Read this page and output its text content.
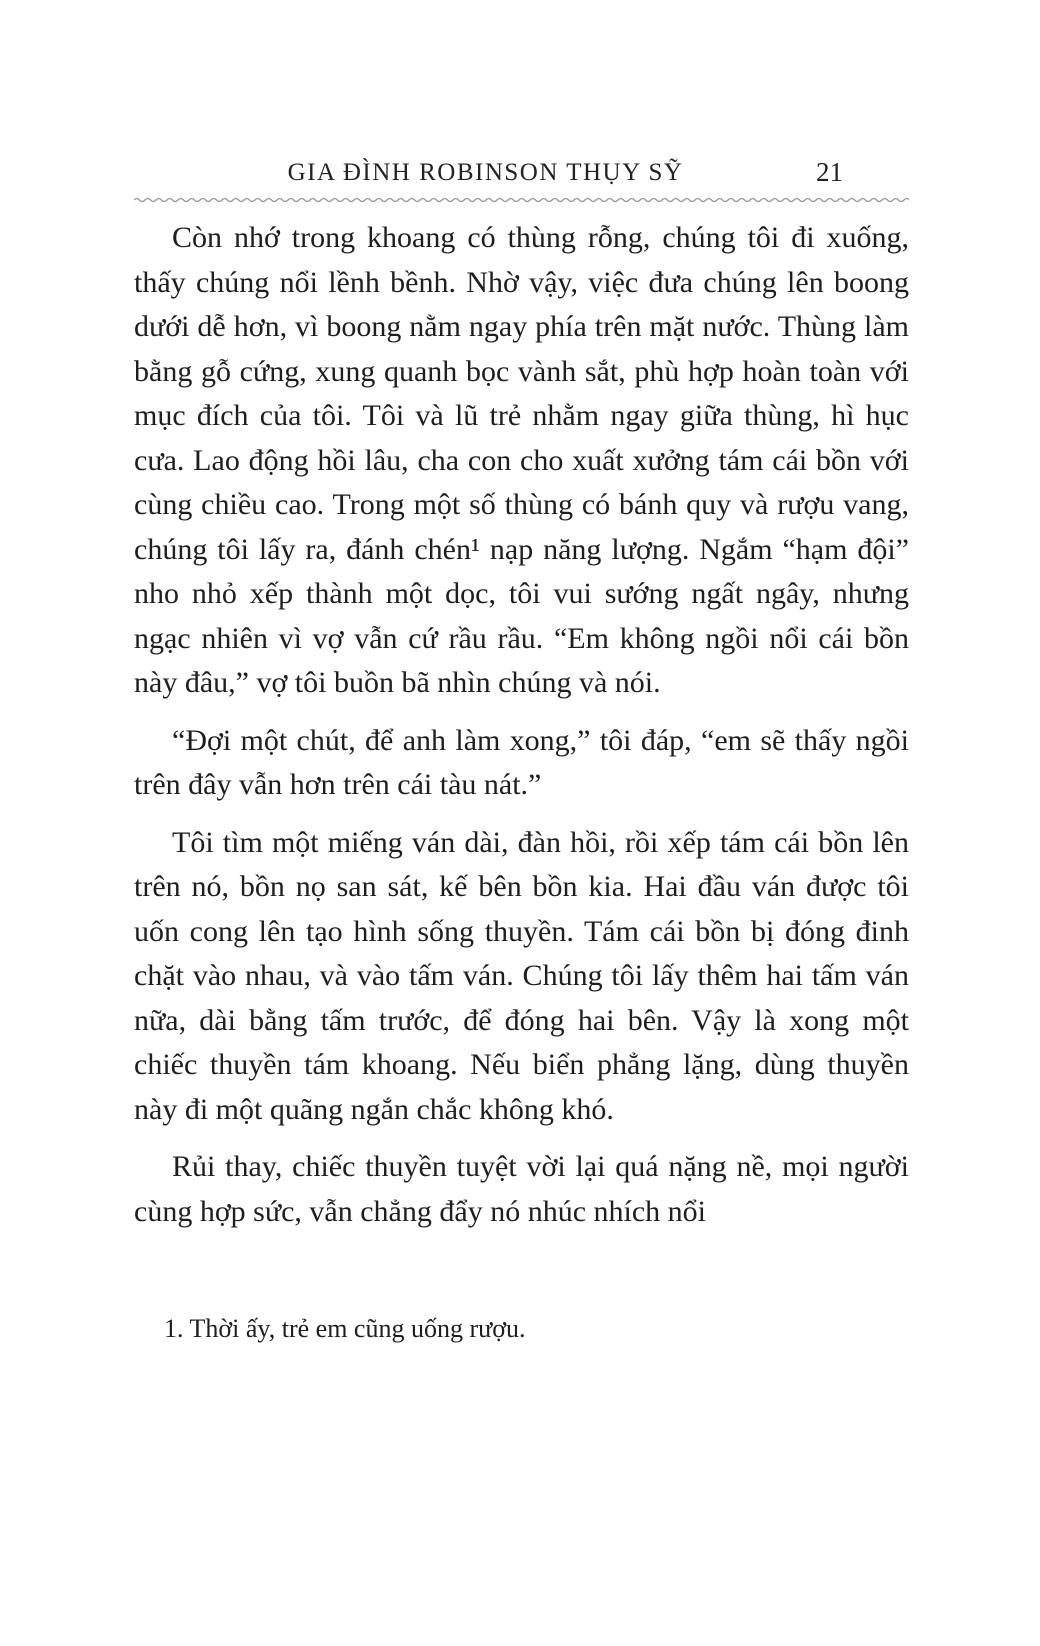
GIA ĐÌNH ROBINSON THỤY SỸ	21

Còn nhớ trong khoang có thùng rỗng, chúng tôi đi xuống, thấy chúng nổi lềnh bềnh. Nhờ vậy, việc đưa chúng lên boong dưới dễ hơn, vì boong nằm ngay phía trên mặt nước. Thùng làm bằng gỗ cứng, xung quanh bọc vành sắt, phù hợp hoàn toàn với mục đích của tôi. Tôi và lũ trẻ nhằm ngay giữa thùng, hì hục cưa. Lao động hồi lâu, cha con cho xuất xưởng tám cái bồn với cùng chiều cao. Trong một số thùng có bánh quy và rượu vang, chúng tôi lấy ra, đánh chén¹ nạp năng lượng. Ngắm “hạm đội” nho nhỏ xếp thành một dọc, tôi vui sướng ngất ngây, nhưng ngạc nhiên vì vợ vẫn cứ rầu rầu. “Em không ngồi nổi cái bồn này đâu,” vợ tôi buồn bã nhìn chúng và nói.

“Đợi một chút, để anh làm xong,” tôi đáp, “em sẽ thấy ngồi trên đây vẫn hơn trên cái tàu nát.”

Tôi tìm một miếng ván dài, đàn hồi, rồi xếp tám cái bồn lên trên nó, bồn nọ san sát, kế bên bồn kia. Hai đầu ván được tôi uốn cong lên tạo hình sống thuyền. Tám cái bồn bị đóng đinh chặt vào nhau, và vào tấm ván. Chúng tôi lấy thêm hai tấm ván nữa, dài bằng tấm trước, để đóng hai bên. Vậy là xong một chiếc thuyền tám khoang. Nếu biển phẳng lặng, dùng thuyền này đi một quãng ngắn chắc không khó.

Rủi thay, chiếc thuyền tuyệt vời lại quá nặng nề, mọi người cùng hợp sức, vẫn chẳng đẩy nó nhúc nhích nổi

1. Thời ấy, trẻ em cũng uống rượu.
